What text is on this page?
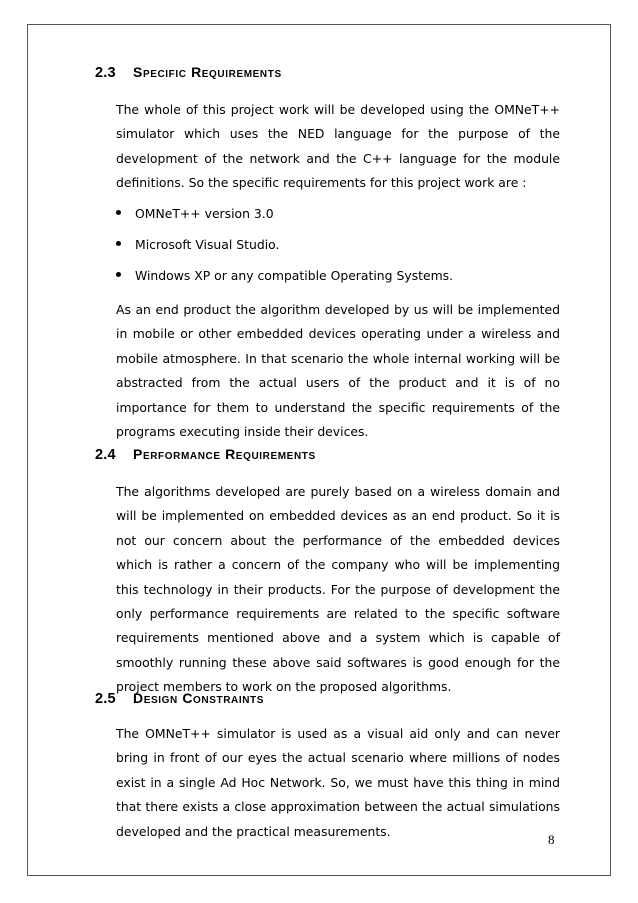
2.3 Specific Requirements

The whole of this project work will be developed using the OMNeT++ simulator which uses the NED language for the purpose of the development of the network and the C++ language for the module definitions. So the specific requirements for this project work are :

OMNeT++ version 3.0
Microsoft Visual Studio.
Windows XP or any compatible Operating Systems.

As an end product the algorithm developed by us will be implemented in mobile or other embedded devices operating under a wireless and mobile atmosphere. In that scenario the whole internal working will be abstracted from the actual users of the product and it is of no importance for them to understand the specific requirements of the programs executing inside their devices.

2.4 Performance Requirements

The algorithms developed are purely based on a wireless domain and will be implemented on embedded devices as an end product. So it is not our concern about the performance of the embedded devices which is rather a concern of the company who will be implementing this technology in their products. For the purpose of development the only performance requirements are related to the specific software requirements mentioned above and a system which is capable of smoothly running these above said softwares is good enough for the project members to work on the proposed algorithms.

2.5 Design Constraints

The OMNeT++ simulator is used as a visual aid only and can never bring in front of our eyes the actual scenario where millions of nodes exist in a single Ad Hoc Network. So, we must have this thing in mind that there exists a close approximation between the actual simulations developed and the practical measurements.

8
